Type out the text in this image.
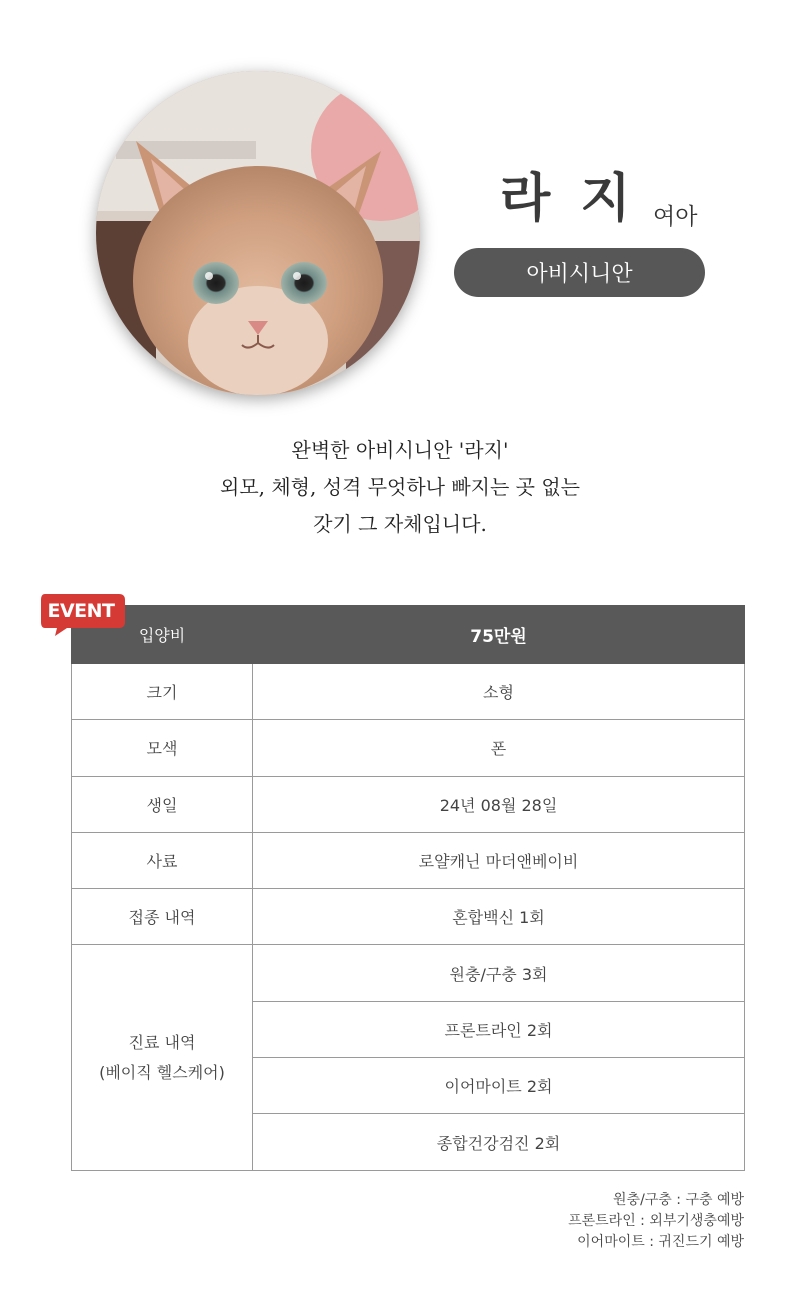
라 지 여아
아비시니안
완벽한 아비시니안 '라지'
외모, 체형, 성격 무엇하나 빠지는 곳 없는
갓기 그 자체입니다.
입양비	75만원
크기	소형
모색	폰
생일	24년 08월 28일
사료	로얄캐닌 마더앤베이비
접종 내역	혼합백신 1회

진료 내역
(베이직 헬스케어)	원충/구충 3회
	프론트라인 2회
	이어마이트 2회
	종합건강검진 2회
EVENT
원충/구충 : 구충 예방
프론트라인 : 외부기생충예방
이어마이트 : 귀진드기 예방
